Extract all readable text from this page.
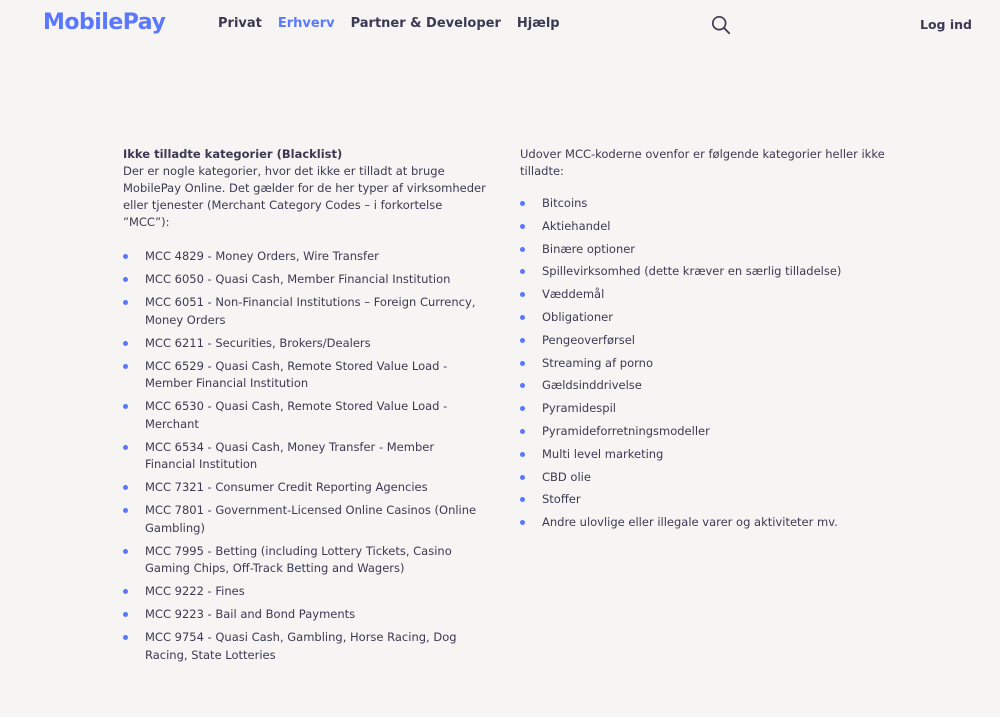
MobilePay	Privat Erhverv Partner & Developer Hjælp	Log ind
Ikke tilladte kategorier (Blacklist)

Der er nogle kategorier, hvor det ikke er tilladt at bruge MobilePay Online. Det gælder for de her typer af virksomheder eller tjenester (Merchant Category Codes – i forkortelse ”MCC”):

MCC 4829 - Money Orders, Wire Transfer
MCC 6050 - Quasi Cash, Member Financial Institution
MCC 6051 - Non-Financial Institutions – Foreign Currency, Money Orders
MCC 6211 - Securities, Brokers/Dealers
MCC 6529 - Quasi Cash, Remote Stored Value Load - Member Financial Institution
MCC 6530 - Quasi Cash, Remote Stored Value Load - Merchant
MCC 6534 - Quasi Cash, Money Transfer - Member Financial Institution
MCC 7321 - Consumer Credit Reporting Agencies
MCC 7801 - Government-Licensed Online Casinos (Online Gambling)
MCC 7995 - Betting (including Lottery Tickets, Casino Gaming Chips, Off-Track Betting and Wagers)
MCC 9222 - Fines
MCC 9223 - Bail and Bond Payments
MCC 9754 - Quasi Cash, Gambling, Horse Racing, Dog Racing, State Lotteries

Udover MCC-koderne ovenfor er følgende kategorier heller ikke tilladte:

Bitcoins
Aktiehandel
Binære optioner
Spillevirksomhed (dette kræver en særlig tilladelse)
Væddemål
Obligationer
Pengeoverførsel
Streaming af porno
Gældsinddrivelse
Pyramidespil
Pyramideforretningsmodeller
Multi level marketing
CBD olie
Stoffer
Andre ulovlige eller illegale varer og aktiviteter mv.
